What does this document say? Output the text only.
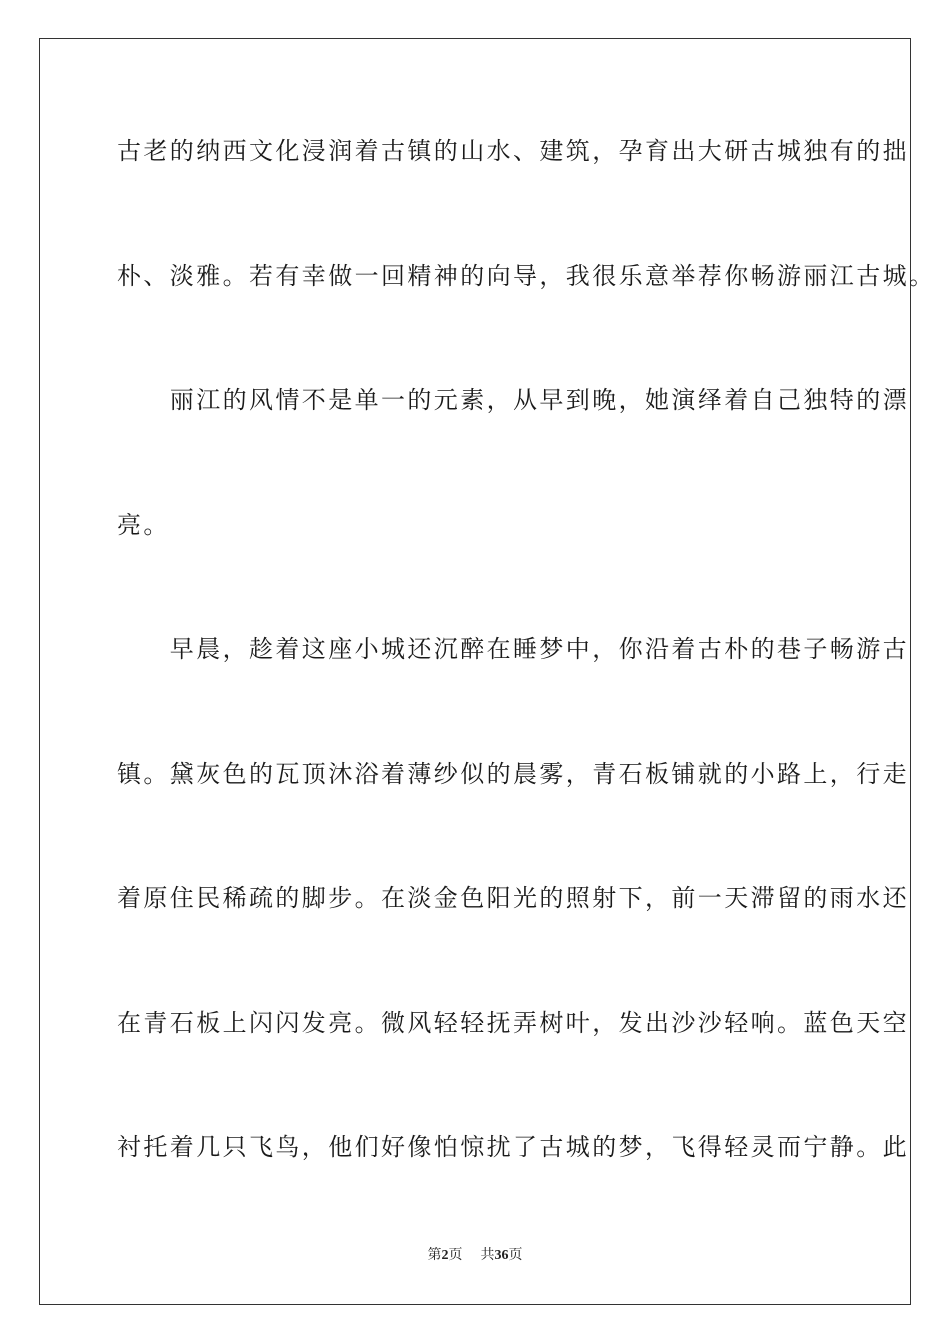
古老的纳西文化浸润着古镇的山水、建筑，孕育出大研古城独有的拙
朴、淡雅。若有幸做一回精神的向导，我很乐意举荐你畅游丽江古城。
　　丽江的风情不是单一的元素，从早到晚，她演绎着自己独特的漂
亮。
　　早晨，趁着这座小城还沉醉在睡梦中，你沿着古朴的巷子畅游古
镇。黛灰色的瓦顶沐浴着薄纱似的晨雾，青石板铺就的小路上，行走
着原住民稀疏的脚步。在淡金色阳光的照射下，前一天滞留的雨水还
在青石板上闪闪发亮。微风轻轻抚弄树叶，发出沙沙轻响。蓝色天空
衬托着几只飞鸟，他们好像怕惊扰了古城的梦，飞得轻灵而宁静。此
第2页 共36页
